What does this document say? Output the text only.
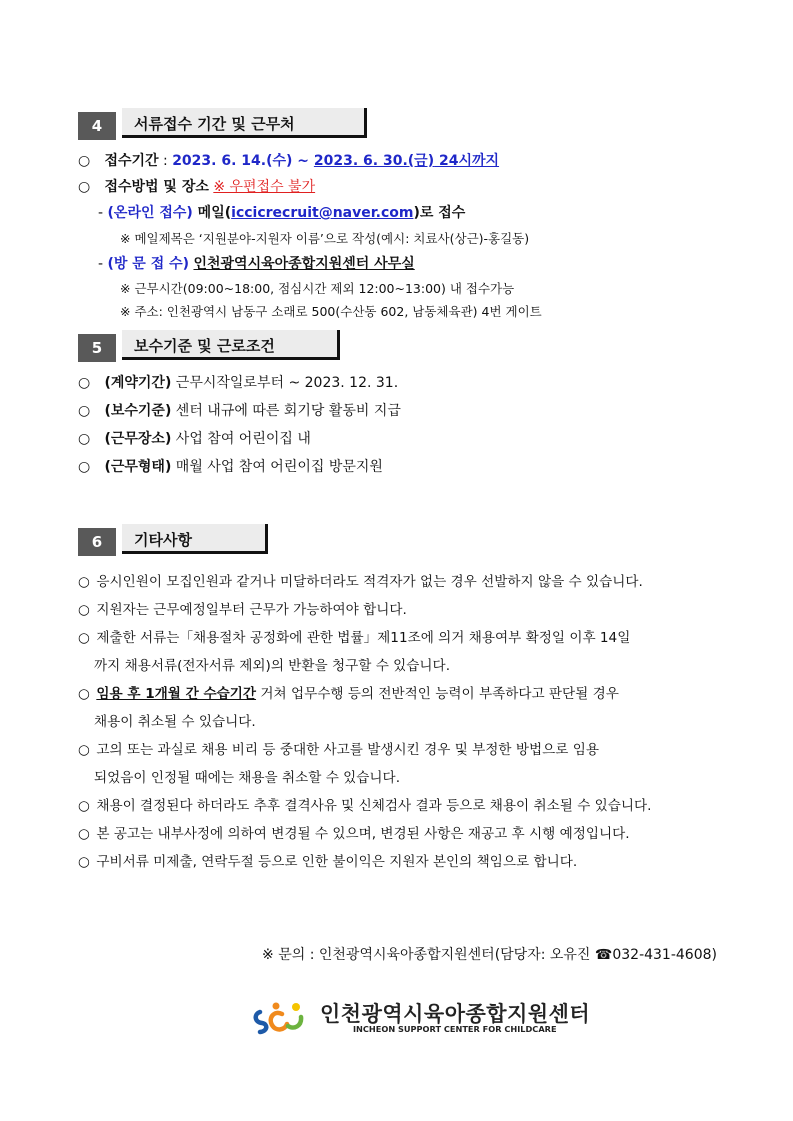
4	서류접수 기간 및 근무처
○ 접수기간 : 2023. 6. 14.(수) ~ 2023. 6. 30.(금) 24시까지
○ 접수방법 및 장소 ※ 우편접수 불가
- (온라인 접수) 메일(iccicrecruit@naver.com)로 접수
※ 메일제목은 ‘지원분야-지원자 이름’으로 작성(예시: 치료사(상근)-홍길동)
- (방 문 접 수) 인천광역시육아종합지원센터 사무실
※ 근무시간(09:00~18:00, 점심시간 제외 12:00~13:00) 내 접수가능
※ 주소: 인천광역시 남동구 소래로 500(수산동 602, 남동체육관) 4번 게이트
5	보수기준 및 근로조건
○ (계약기간) 근무시작일로부터 ~ 2023. 12. 31.
○ (보수기준) 센터 내규에 따른 회기당 활동비 지급
○ (근무장소) 사업 참여 어린이집 내
○ (근무형태) 매월 사업 참여 어린이집 방문지원
6	기타사항
○ 응시인원이 모집인원과 같거나 미달하더라도 적격자가 없는 경우 선발하지 않을 수 있습니다.
○ 지원자는 근무예정일부터 근무가 가능하여야 합니다.
○ 제출한 서류는「채용절차 공정화에 관한 법률」제11조에 의거 채용여부 확정일 이후 14일
까지 채용서류(전자서류 제외)의 반환을 청구할 수 있습니다.
○ 임용 후 1개월 간 수습기간 거쳐 업무수행 등의 전반적인 능력이 부족하다고 판단될 경우
채용이 취소될 수 있습니다.
○ 고의 또는 과실로 채용 비리 등 중대한 사고를 발생시킨 경우 및 부정한 방법으로 임용
되었음이 인정될 때에는 채용을 취소할 수 있습니다.
○ 채용이 결정된다 하더라도 추후 결격사유 및 신체검사 결과 등으로 채용이 취소될 수 있습니다.
○ 본 공고는 내부사정에 의하여 변경될 수 있으며, 변경된 사항은 재공고 후 시행 예정입니다.
○ 구비서류 미제출, 연락두절 등으로 인한 불이익은 지원자 본인의 책임으로 합니다.
※ 문의 : 인천광역시육아종합지원센터(담당자: 오유진 ☎032-431-4608)
인천광역시육아종합지원센터
INCHEON SUPPORT CENTER FOR CHILDCARE
